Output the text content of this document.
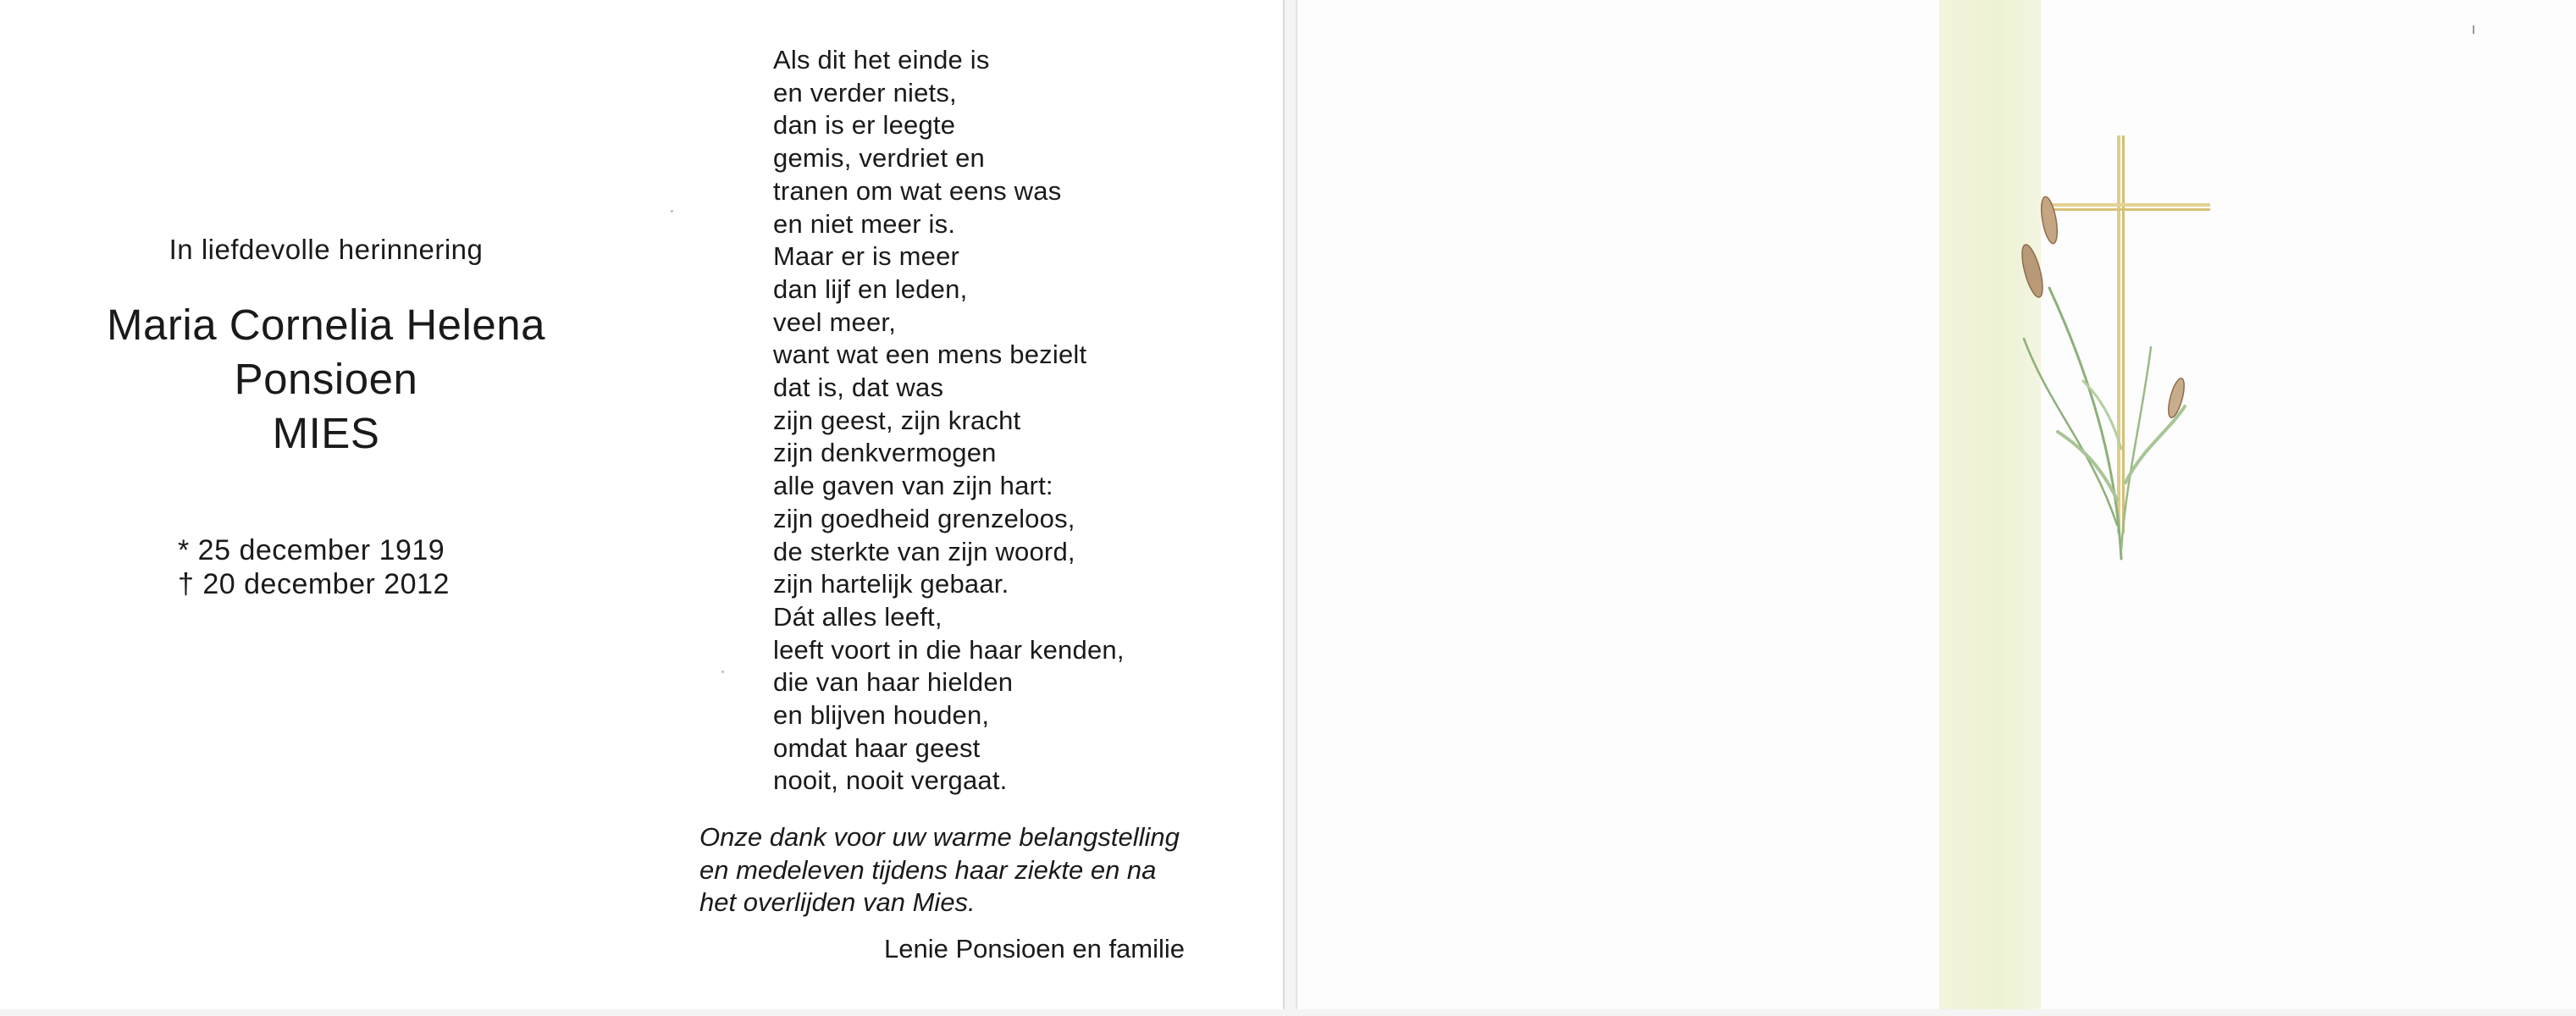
In liefdevolle herinnering
Maria Cornelia Helena
Ponsioen
MIES
* 25 december 1919
† 20 december 2012
Als dit het einde is
en verder niets,
dan is er leegte
gemis, verdriet en
tranen om wat eens was
en niet meer is.
Maar er is meer
dan lijf en leden,
veel meer,
want wat een mens bezielt
dat is, dat was
zijn geest, zijn kracht
zijn denkvermogen
alle gaven van zijn hart:
zijn goedheid grenzeloos,
de sterkte van zijn woord,
zijn hartelijk gebaar.
Dát alles leeft,
leeft voort in die haar kenden,
die van haar hielden
en blijven houden,
omdat haar geest
nooit, nooit vergaat.
Onze dank voor uw warme belangstelling
en medeleven tijdens haar ziekte en na
het overlijden van Mies.
Lenie Ponsioen en familie
